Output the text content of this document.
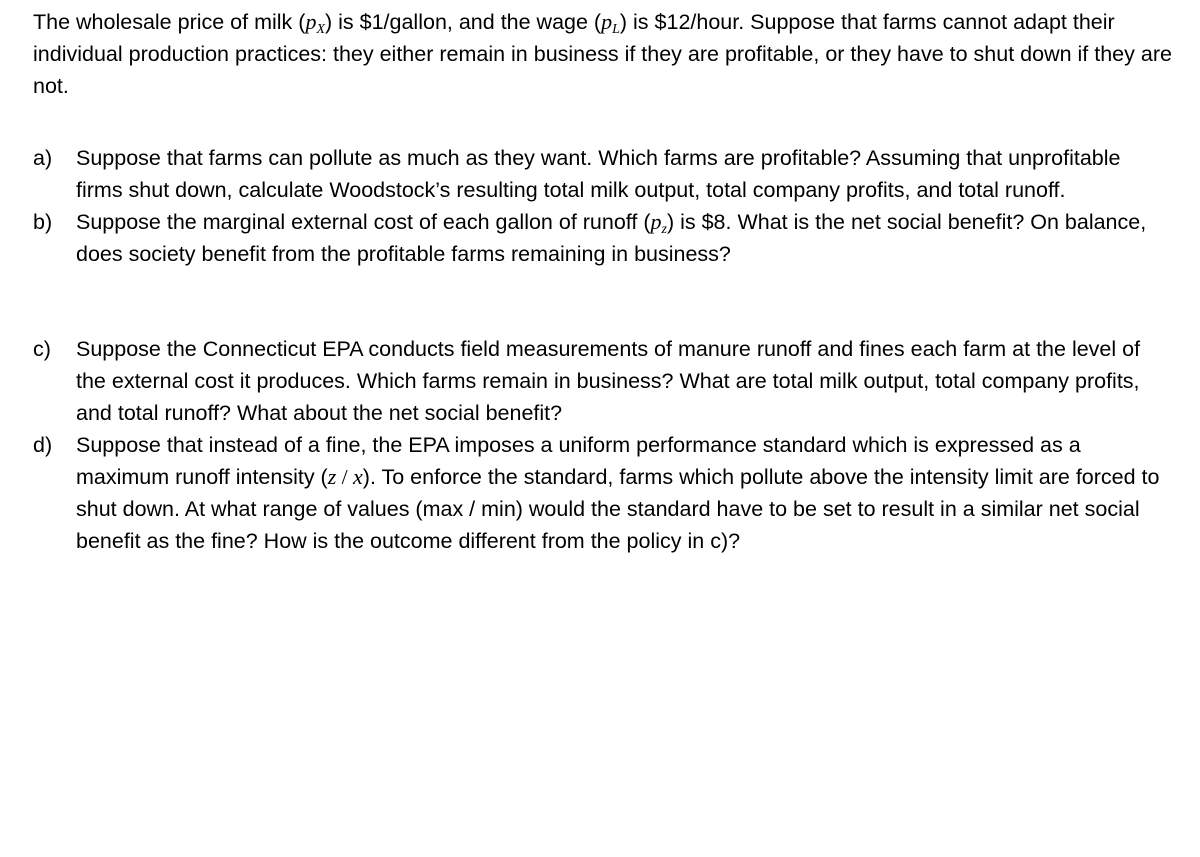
The wholesale price of milk $(p_X)$ is $1/gallon, and the wage $(p_L)$ is $12/hour. Suppose that farms cannot adapt their individual production practices: they either remain in business if they are profitable, or they have to shut down if they are not.

a) Suppose that farms can pollute as much as they want. Which farms are profitable? Assuming that unprofitable firms shut down, calculate Woodstock’s resulting total milk output, total company profits, and total runoff.
b) Suppose the marginal external cost of each gallon of runoff $(p_z)$ is $8. What is the net social benefit? On balance, does society benefit from the profitable farms remaining in business?
c) Suppose the Connecticut EPA conducts field measurements of manure runoff and fines each farm at the level of the external cost it produces. Which farms remain in business? What are total milk output, total company profits, and total runoff? What about the net social benefit?
d) Suppose that instead of a fine, the EPA imposes a uniform performance standard which is expressed as a maximum runoff intensity (z / x). To enforce the standard, farms which pollute above the intensity limit are forced to shut down. At what range of values (max / min) would the standard have to be set to result in a similar net social benefit as the fine? How is the outcome different from the policy in c)?
